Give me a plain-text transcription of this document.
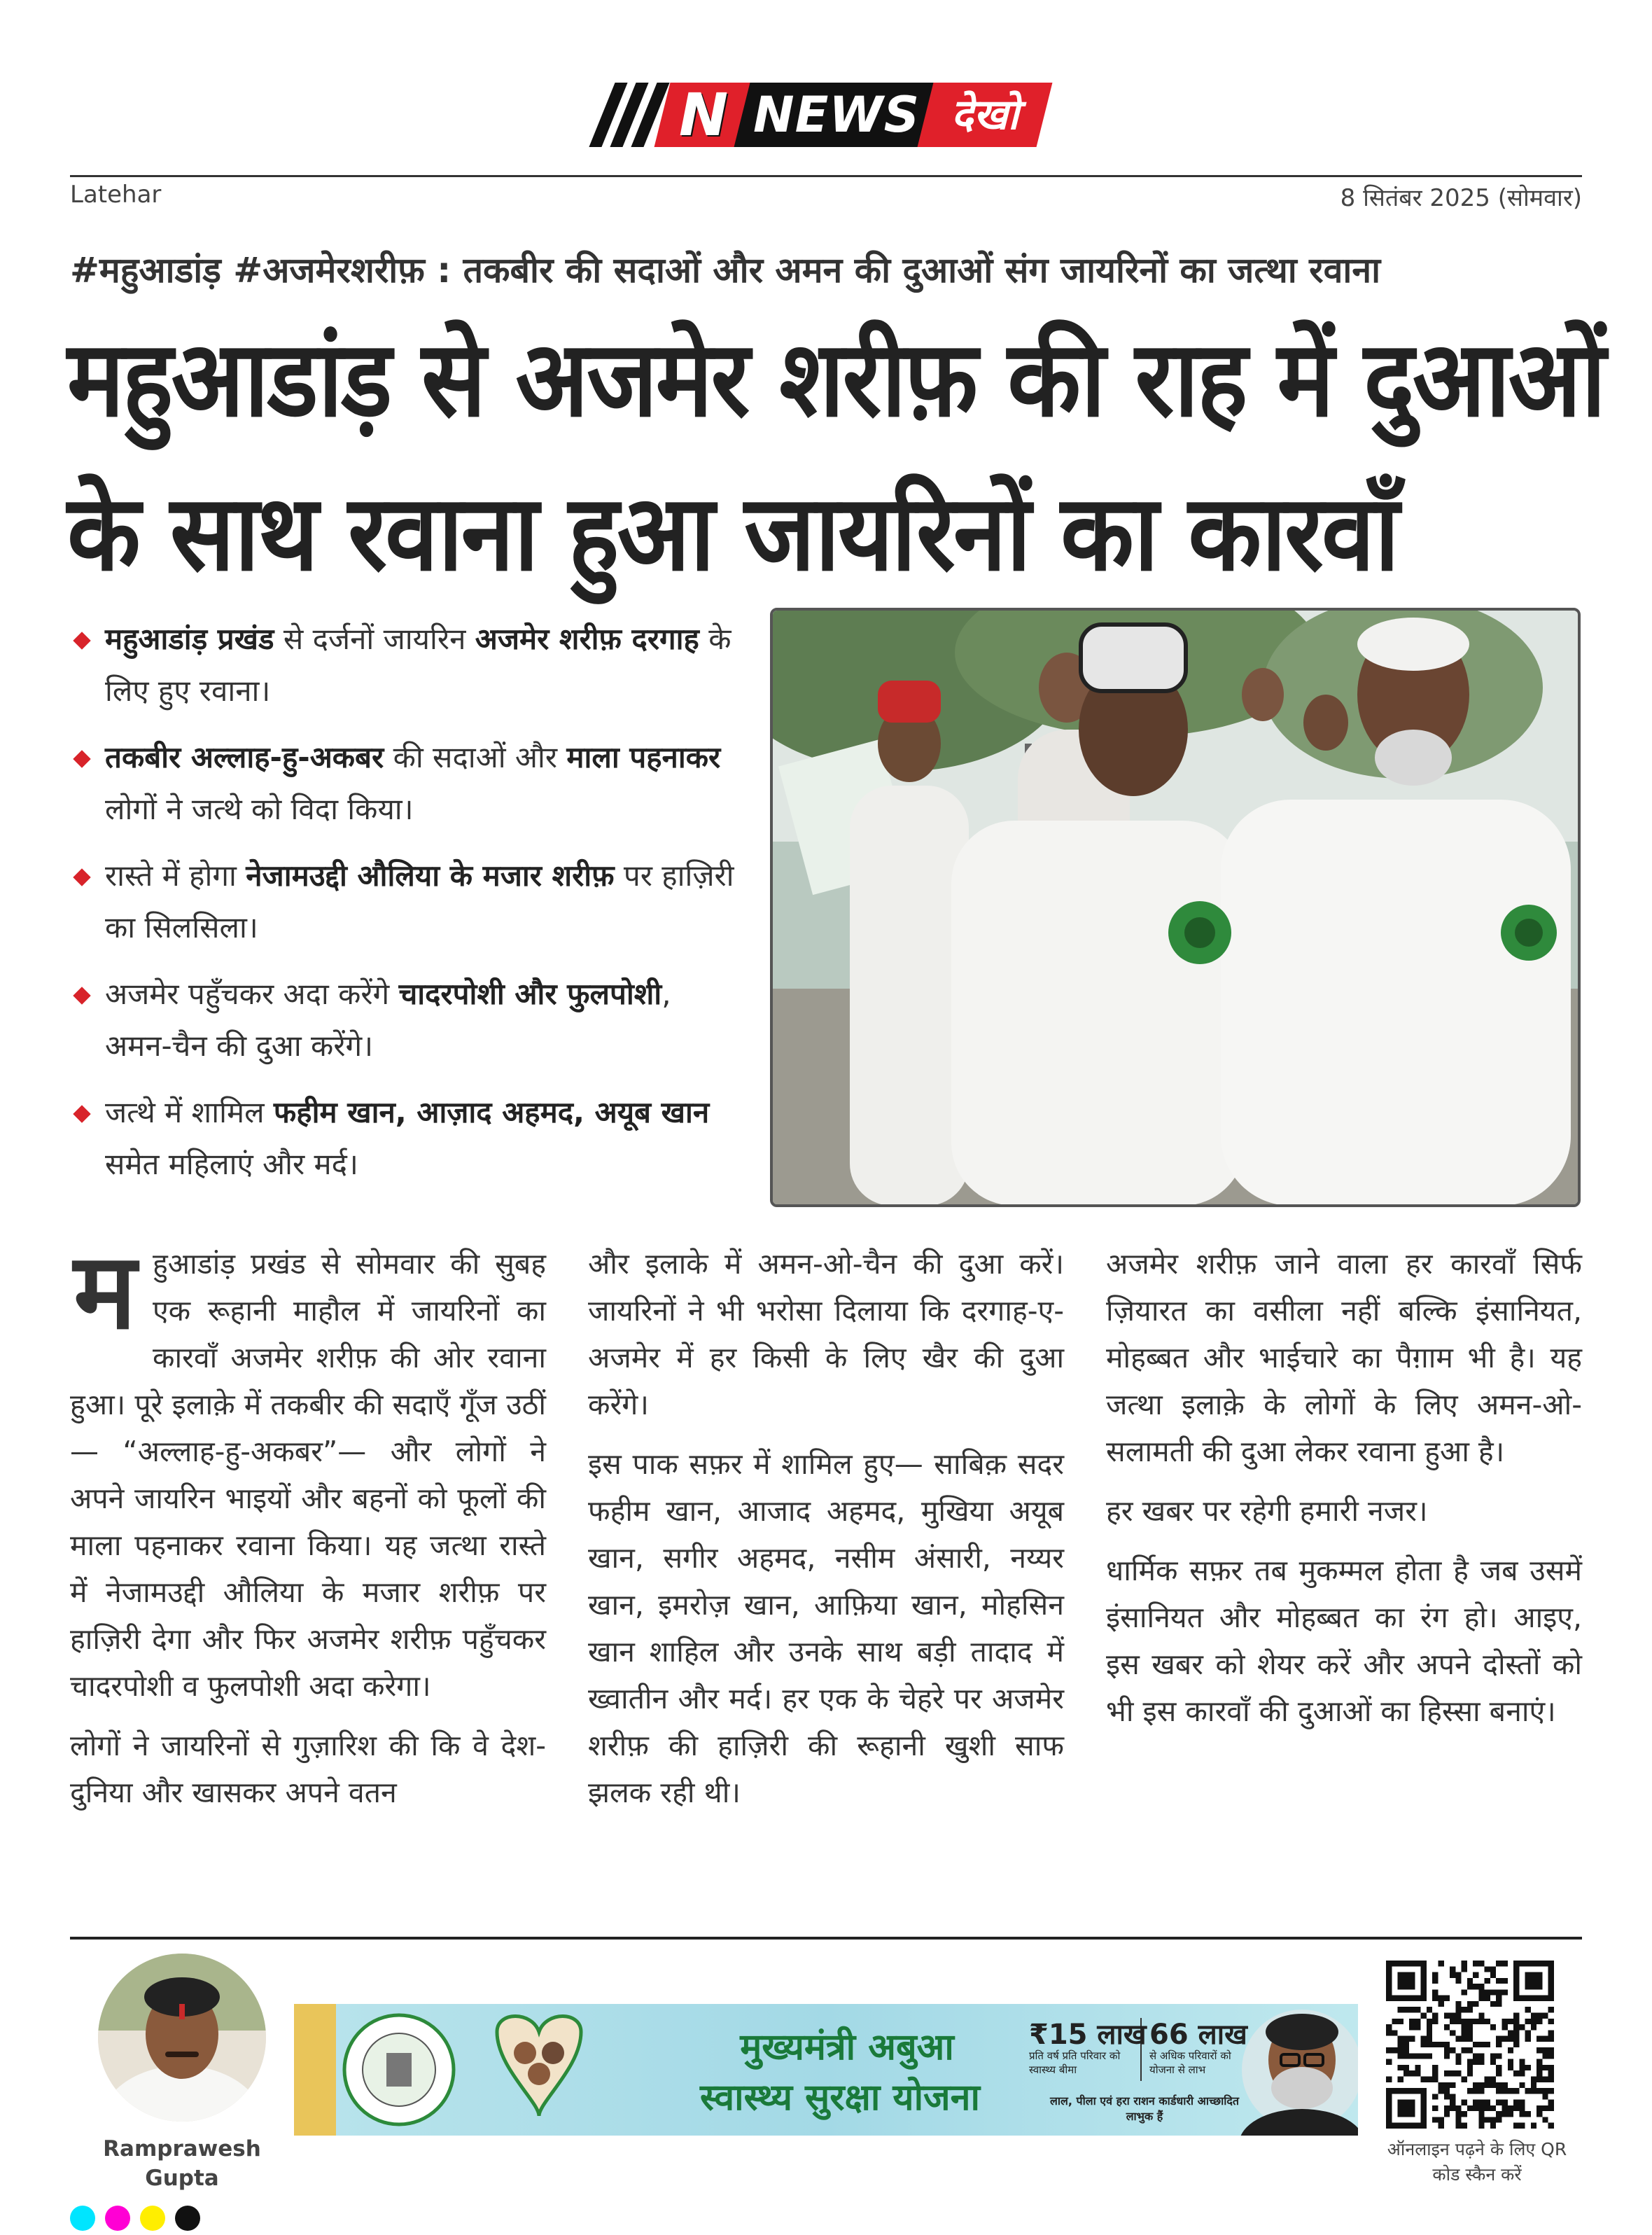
N NEWS देखो
Latehar	8 सितंबर 2025 (सोमवार)
#महुआडांड़ #अजमेरशरीफ़ : तकबीर की सदाओं और अमन की दुआओं संग जायरिनों का जत्था रवाना
महुआडांड़ से अजमेर शरीफ़ की राह में दुआओं
के साथ रवाना हुआ जायरिनों का कारवाँ
महुआडांड़ प्रखंड से दर्जनों जायरिन अजमेर शरीफ़ दरगाह के लिए हुए रवाना।
तकबीर अल्लाह-हु-अकबर की सदाओं और माला पहनाकर लोगों ने जत्थे को विदा किया।
रास्ते में होगा नेजामउद्दी औलिया के मजार शरीफ़ पर हाज़िरी का सिलसिला।
अजमेर पहुँचकर अदा करेंगे चादरपोशी और फुलपोशी, अमन-चैन की दुआ करेंगे।
जत्थे में शामिल फहीम खान, आज़ाद अहमद, अयूब खान समेत महिलाएं और मर्द।

महुआडांड़ प्रखंड से सोमवार की सुबह एक रूहानी माहौल में जायरिनों का कारवाँ अजमेर शरीफ़ की ओर रवाना हुआ। पूरे इलाक़े में तकबीर की सदाएँ गूँज उठीं— “अल्लाह-हु-अकबर”— और लोगों ने अपने जायरिन भाइयों और बहनों को फूलों की माला पहनाकर रवाना किया। यह जत्था रास्ते में नेजामउद्दी औलिया के मजार शरीफ़ पर हाज़िरी देगा और फिर अजमेर शरीफ़ पहुँचकर चादरपोशी व फुलपोशी अदा करेगा।

लोगों ने जायरिनों से गुज़ारिश की कि वे देश-दुनिया और खासकर अपने वतन

और इलाके में अमन-ओ-चैन की दुआ करें। जायरिनों ने भी भरोसा दिलाया कि दरगाह-ए-अजमेर में हर किसी के लिए खैर की दुआ करेंगे।

इस पाक सफ़र में शामिल हुए— साबिक़ सदर फहीम खान, आजाद अहमद, मुखिया अयूब खान, सगीर अहमद, नसीम अंसारी, नय्यर खान, इमरोज़ खान, आफ़िया खान, मोहसिन खान शाहिल और उनके साथ बड़ी तादाद में ख्वातीन और मर्द। हर एक के चेहरे पर अजमेर शरीफ़ की हाज़िरी की रूहानी खुशी साफ झलक रही थी।

अजमेर शरीफ़ जाने वाला हर कारवाँ सिर्फ ज़ियारत का वसीला नहीं बल्कि इंसानियत, मोहब्बत और भाईचारे का पैग़ाम भी है। यह जत्था इलाक़े के लोगों के लिए अमन-ओ-सलामती की दुआ लेकर रवाना हुआ है।

हर खबर पर रहेगी हमारी नजर।

धार्मिक सफ़र तब मुकम्मल होता है जब उसमें इंसानियत और मोहब्बत का रंग हो। आइए, इस खबर को शेयर करें और अपने दोस्तों को भी इस कारवाँ की दुआओं का हिस्सा बनाएं।

Ramprawesh Gupta
मुख्यमंत्री अबुआ
स्वास्थ्य सुरक्षा योजना
₹15 लाख
प्रति वर्ष प्रति परिवार को स्वास्थ्य बीमा
66 लाख
से अधिक परिवारों को योजना से लाभ
लाल, पीला एवं हरा राशन कार्डधारी आच्छादित लाभुक हैं
ऑनलाइन पढ़ने के लिए QR कोड स्कैन करें
